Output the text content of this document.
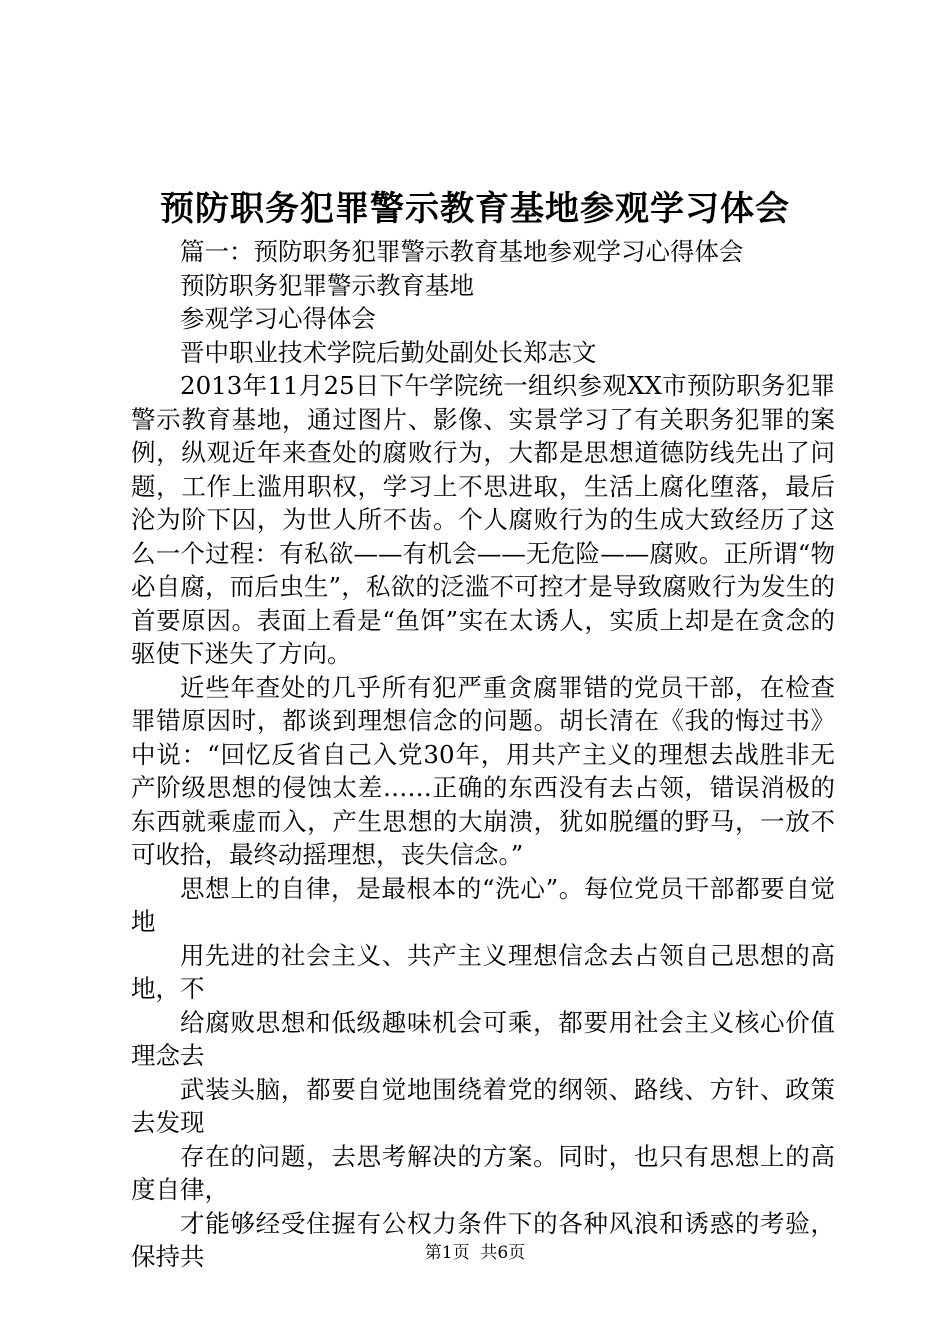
预防职务犯罪警示教育基地参观学习体会

篇一：预防职务犯罪警示教育基地参观学习心得体会

预防职务犯罪警示教育基地

参观学习心得体会

晋中职业技术学院后勤处副处长郑志文

2013年11月25日下午学院统一组织参观XX市预防职务犯罪警示教育基地，通过图片、影像、实景学习了有关职务犯罪的案例，纵观近年来查处的腐败行为，大都是思想道德防线先出了问题，工作上滥用职权，学习上不思进取，生活上腐化堕落，最后沦为阶下囚，为世人所不齿。个人腐败行为的生成大致经历了这么一个过程：有私欲——有机会——无危险——腐败。正所谓“物必自腐，而后虫生”，私欲的泛滥不可控才是导致腐败行为发生的首要原因。表面上看是“鱼饵”实在太诱人，实质上却是在贪念的驱使下迷失了方向。

近些年查处的几乎所有犯严重贪腐罪错的党员干部，在检查罪错原因时，都谈到理想信念的问题。胡长清在《我的悔过书》中说：“回忆反省自己入党30年，用共产主义的理想去战胜非无产阶级思想的侵蚀太差……正确的东西没有去占领，错误消极的东西就乘虚而入，产生思想的大崩溃，犹如脱缰的野马，一放不可收拾，最终动摇理想，丧失信念。”

思想上的自律，是最根本的“洗心”。每位党员干部都要自觉地

用先进的社会主义、共产主义理想信念去占领自己思想的高地，不

给腐败思想和低级趣味机会可乘，都要用社会主义核心价值理念去

武装头脑，都要自觉地围绕着党的纲领、路线、方针、政策去发现

存在的问题，去思考解决的方案。同时，也只有思想上的高度自律，

才能够经受住握有公权力条件下的各种风浪和诱惑的考验，保持共	第1页  共6页
